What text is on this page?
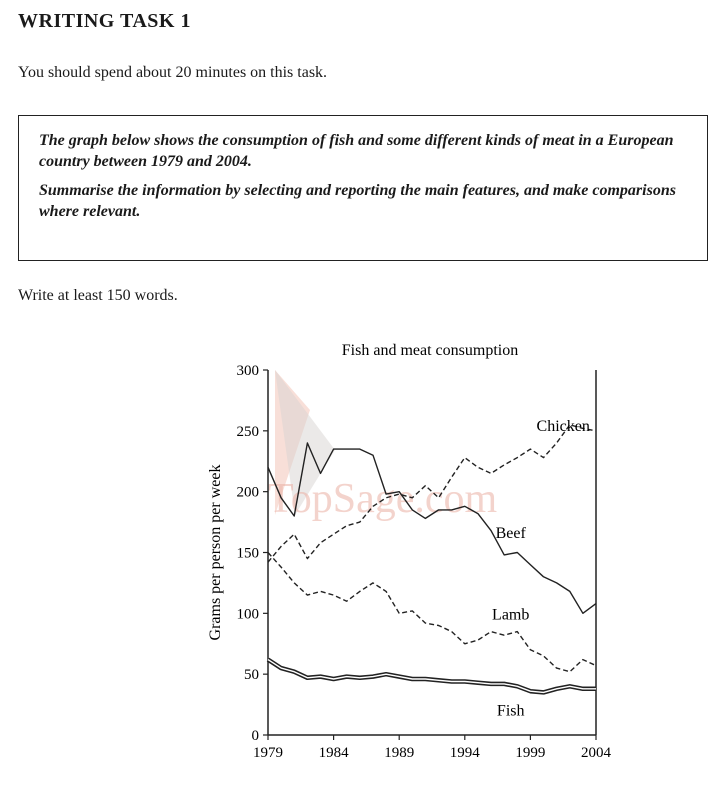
WRITING TASK 1
You should spend about 20 minutes on this task.

The graph below shows the consumption of fish and some different kinds of meat in a European country between 1979 and 2004.

Summarise the information by selecting and reporting the main features, and make comparisons where relevant.

Write at least 150 words.
TopSage.com
Fish and meat consumption
Grams per person per week
0
50
100
150
200
250
300
1979 1984 1989 1994 1999 2004
Chicken
Beef
Lamb
Fish
